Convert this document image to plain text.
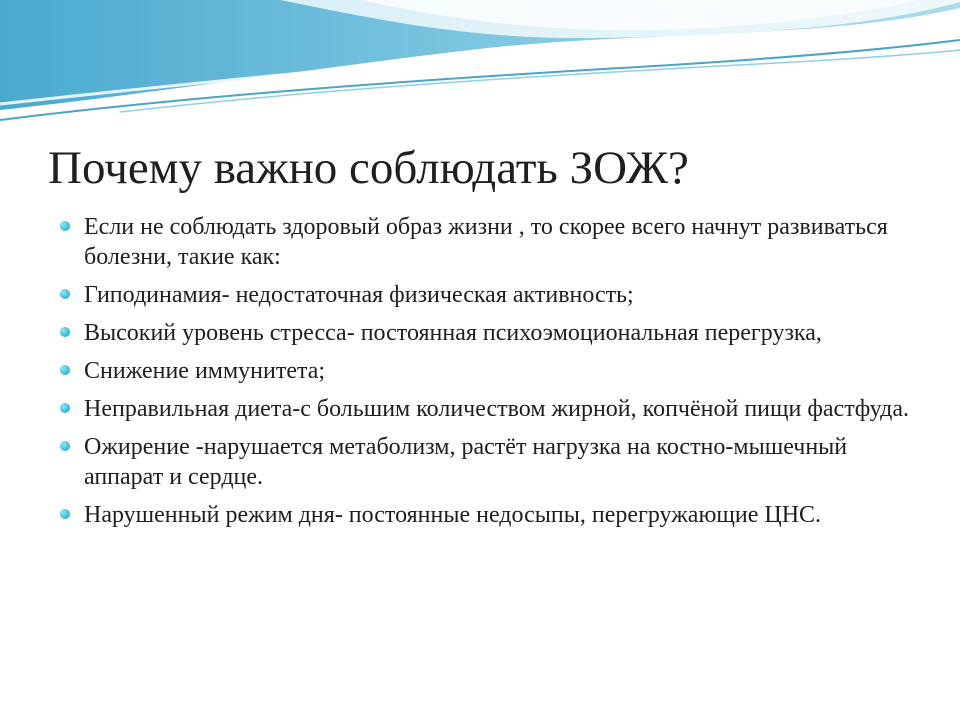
Почему важно соблюдать ЗОЖ?
Если не соблюдать здоровый образ жизни , то скорее всего начнут развиваться болезни, такие как:
Гиподинамия- недостаточная физическая активность;
Высокий уровень стресса- постоянная психоэмоциональная перегрузка,
Снижение иммунитета;
Неправильная диета-с большим количеством жирной, копчёной пищи фастфуда.
Ожирение -нарушается метаболизм, растёт нагрузка на костно-мышечный аппарат и сердце.
Нарушенный режим дня- постоянные недосыпы, перегружающие ЦНС.
